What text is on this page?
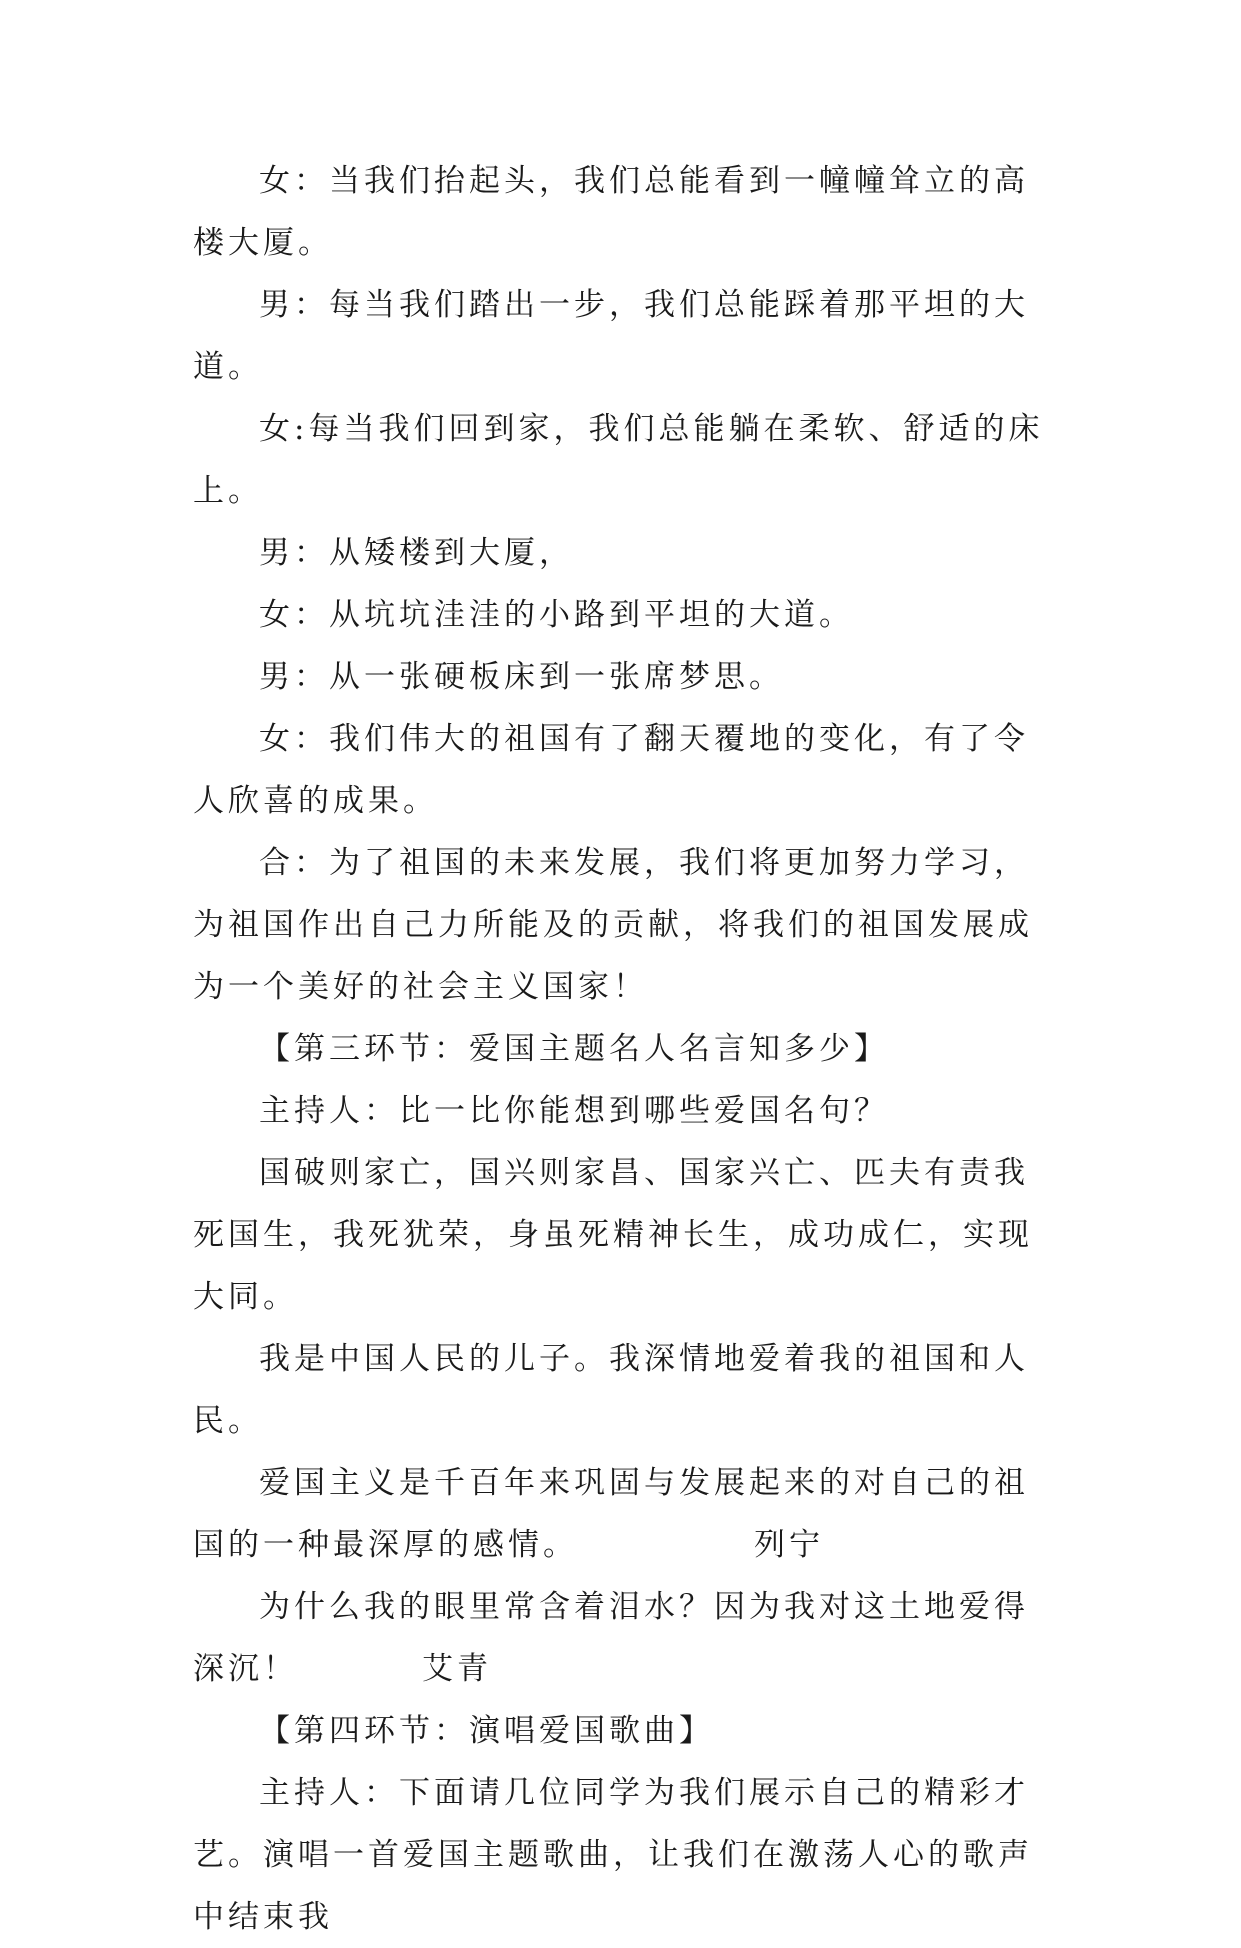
女：当我们抬起头，我们总能看到一幢幢耸立的高楼大厦。

男：每当我们踏出一步，我们总能踩着那平坦的大道。

女:每当我们回到家，我们总能躺在柔软、舒适的床上。

男：从矮楼到大厦，

女：从坑坑洼洼的小路到平坦的大道。

男：从一张硬板床到一张席梦思。

女：我们伟大的祖国有了翻天覆地的变化，有了令人欣喜的成果。

合：为了祖国的未来发展，我们将更加努力学习，为祖国作出自己力所能及的贡献，将我们的祖国发展成为一个美好的社会主义国家！

【第三环节：爱国主题名人名言知多少】

主持人：比一比你能想到哪些爱国名句？

国破则家亡，国兴则家昌、国家兴亡、匹夫有责我死国生，我死犹荣，身虽死精神长生，成功成仁，实现大同。

我是中国人民的儿子。我深情地爱着我的祖国和人民。

爱国主义是千百年来巩固与发展起来的对自己的祖国的一种最深厚的感情。	列宁

为什么我的眼里常含着泪水？因为我对这土地爱得深沉！	艾青

【第四环节：演唱爱国歌曲】

主持人：下面请几位同学为我们展示自己的精彩才艺。演唱一首爱国主题歌曲，让我们在激荡人心的歌声中结束我
